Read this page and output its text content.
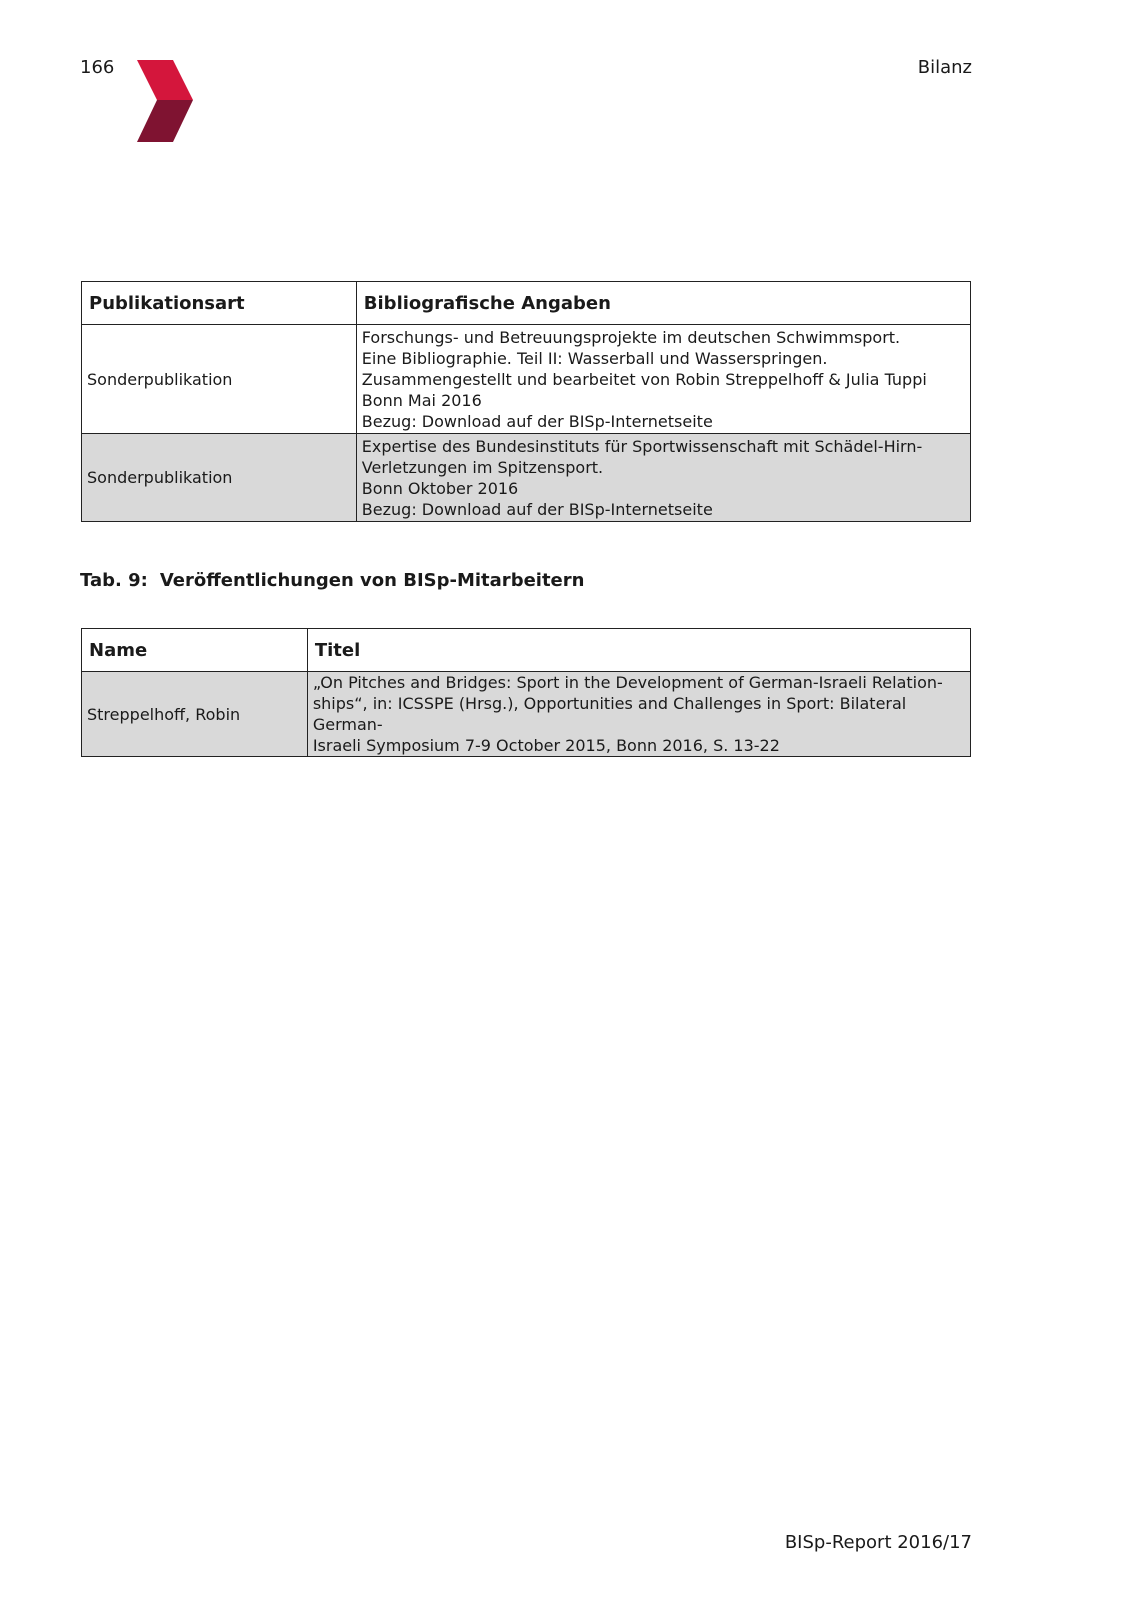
166	Bilanz
Publikationsart	Bibliografische Angaben
Sonderpublikation	Forschungs- und Betreuungsprojekte im deutschen Schwimmsport.
Eine Bibliographie. Teil II: Wasserball und Wasserspringen.
Zusammengestellt und bearbeitet von Robin Streppelhoff & Julia Tuppi
Bonn Mai 2016
Bezug: Download auf der BISp-Internetseite

Sonderpublikation	Expertise des Bundesinstituts für Sportwissenschaft mit Schädel-Hirn-
Verletzungen im Spitzensport.
Bonn Oktober 2016
Bezug: Download auf der BISp-Internetseite
Tab. 9: Veröffentlichungen von BISp-Mitarbeitern
Name	Titel
Streppelhoff, Robin	„On Pitches and Bridges: Sport in the Development of German-Israeli Relation-
ships“, in: ICSSPE (Hrsg.), Opportunities and Challenges in Sport: Bilateral German-
Israeli Symposium 7-9 October 2015, Bonn 2016, S. 13-22
BISp-Report 2016/17
